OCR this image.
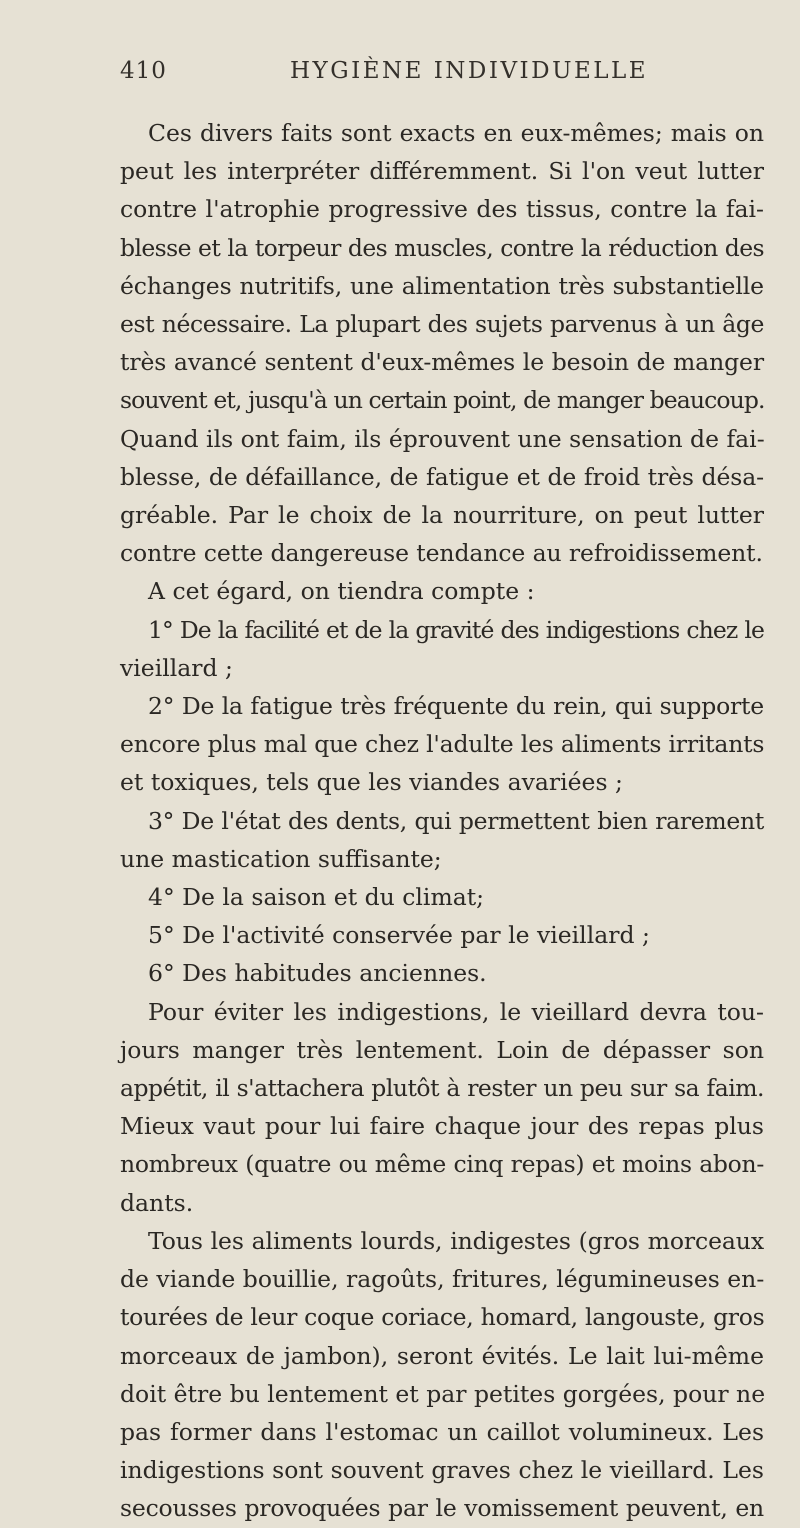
410	HYGIÈNE INDIVIDUELLE
Ces divers faits sont exacts en eux-mêmes; mais on
peut les interpréter différemment. Si l'on veut lutter
contre l'atrophie progressive des tissus, contre la fai-
blesse et la torpeur des muscles, contre la réduction des
échanges nutritifs, une alimentation très substantielle
est nécessaire. La plupart des sujets parvenus à un âge
très avancé sentent d'eux-mêmes le besoin de manger
souvent et, jusqu'à un certain point, de manger beaucoup.
Quand ils ont faim, ils éprouvent une sensation de fai-
blesse, de défaillance, de fatigue et de froid très désa-
gréable. Par le choix de la nourriture, on peut lutter
contre cette dangereuse tendance au refroidissement.
A cet égard, on tiendra compte :
1° De la facilité et de la gravité des indigestions chez le
vieillard ;
2° De la fatigue très fréquente du rein, qui supporte
encore plus mal que chez l'adulte les aliments irritants
et toxiques, tels que les viandes avariées ;
3° De l'état des dents, qui permettent bien rarement
une mastication suffisante;
4° De la saison et du climat;
5° De l'activité conservée par le vieillard ;
6° Des habitudes anciennes.
Pour éviter les indigestions, le vieillard devra tou-
jours manger très lentement. Loin de dépasser son
appétit, il s'attachera plutôt à rester un peu sur sa faim.
Mieux vaut pour lui faire chaque jour des repas plus
nombreux (quatre ou même cinq repas) et moins abon-
dants.
Tous les aliments lourds, indigestes (gros morceaux
de viande bouillie, ragoûts, fritures, légumineuses en-
tourées de leur coque coriace, homard, langouste, gros
morceaux de jambon), seront évités. Le lait lui-même
doit être bu lentement et par petites gorgées, pour ne
pas former dans l'estomac un caillot volumineux. Les
indigestions sont souvent graves chez le vieillard. Les
secousses provoquées par le vomissement peuvent, en
